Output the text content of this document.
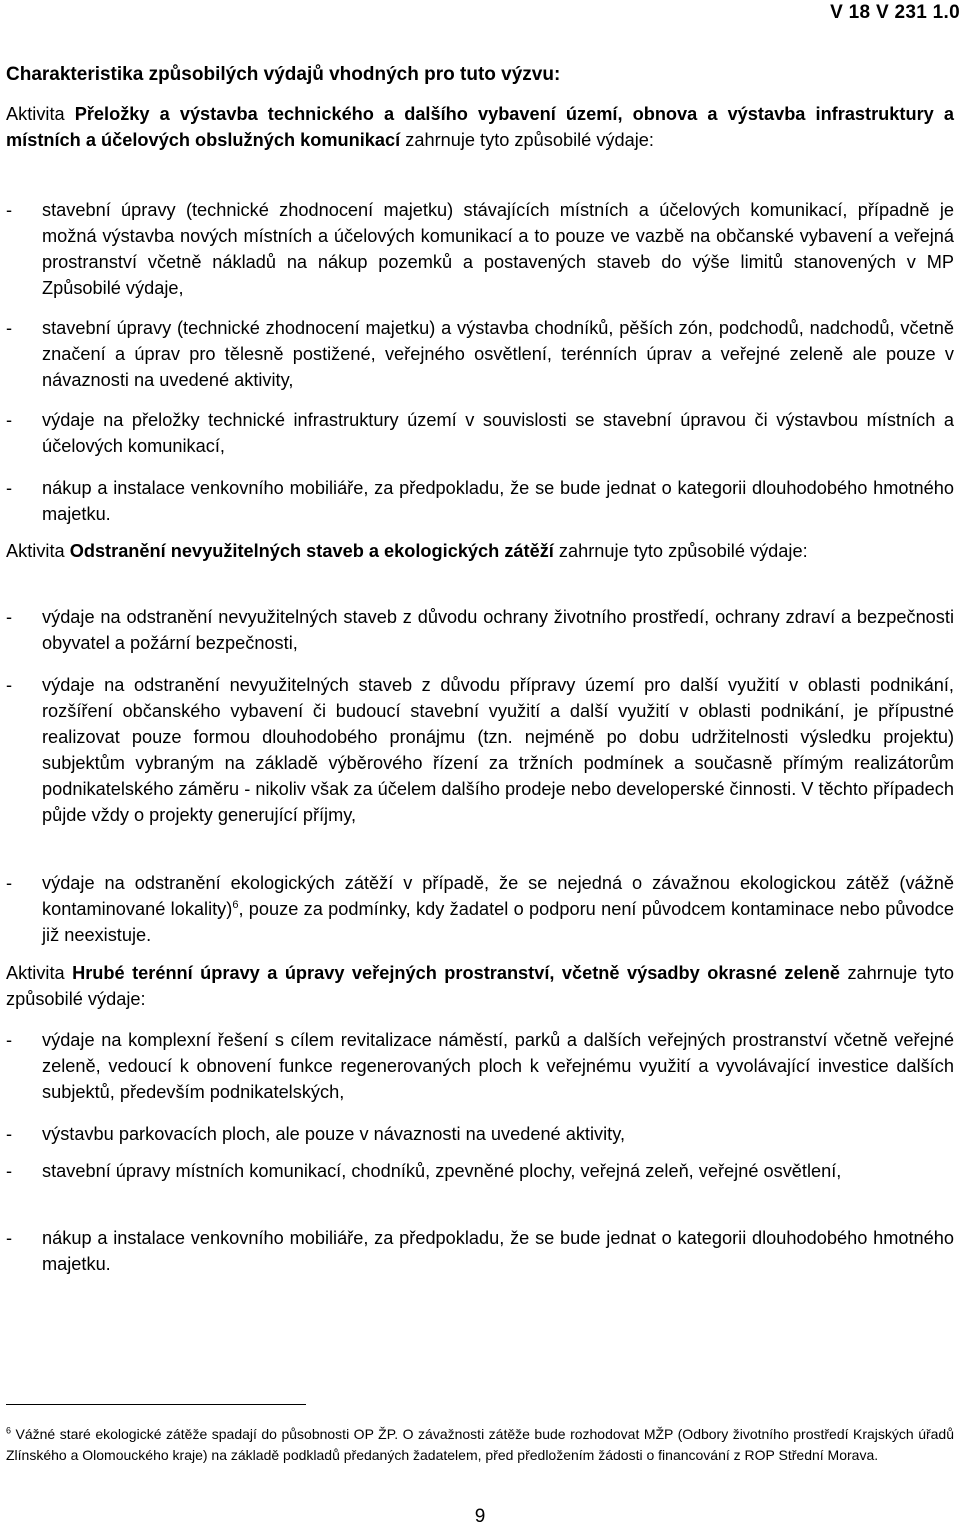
V 18 V 231 1.0
Charakteristika způsobilých výdajů vhodných pro tuto výzvu:

Aktivita Přeložky a výstavba technického a dalšího vybavení území, obnova a výstavba infrastruktury a místních a účelových obslužných komunikací zahrnuje tyto způsobilé výdaje:

- stavební úpravy (technické zhodnocení majetku) stávajících místních a účelových komunikací, případně je možná výstavba nových místních a účelových komunikací a to pouze ve vazbě na občanské vybavení a veřejná prostranství včetně nákladů na nákup pozemků a postavených staveb do výše limitů stanovených v MP Způsobilé výdaje,
- stavební úpravy (technické zhodnocení majetku) a výstavba chodníků, pěších zón, podchodů, nadchodů, včetně značení a úprav pro tělesně postižené, veřejného osvětlení, terénních úprav a veřejné zeleně ale pouze v návaznosti na uvedené aktivity,
- výdaje na přeložky technické infrastruktury území v souvislosti se stavební úpravou či výstavbou místních a účelových komunikací,
- nákup a instalace venkovního mobiliáře, za předpokladu, že se bude jednat o kategorii dlouhodobého hmotného majetku.

Aktivita Odstranění nevyužitelných staveb a ekologických zátěží zahrnuje tyto způsobilé výdaje:

- výdaje na odstranění nevyužitelných staveb z důvodu ochrany životního prostředí, ochrany zdraví a bezpečnosti obyvatel a požární bezpečnosti,
- výdaje na odstranění nevyužitelných staveb z důvodu přípravy území pro další využití v oblasti podnikání, rozšíření občanského vybavení či budoucí stavební využití a další využití v oblasti podnikání, je přípustné realizovat pouze formou dlouhodobého pronájmu (tzn. nejméně po dobu udržitelnosti výsledku projektu) subjektům vybraným na základě výběrového řízení za tržních podmínek a současně přímým realizátorům podnikatelského záměru - nikoliv však za účelem dalšího prodeje nebo developerské činnosti. V těchto případech půjde vždy o projekty generující příjmy,
- výdaje na odstranění ekologických zátěží v případě, že se nejedná o závažnou ekologickou zátěž (vážně kontaminované lokality)$^6$, pouze za podmínky, kdy žadatel o podporu není původcem kontaminace nebo původce již neexistuje.

Aktivita Hrubé terénní úpravy a úpravy veřejných prostranství, včetně výsadby okrasné zeleně zahrnuje tyto způsobilé výdaje:

- výdaje na komplexní řešení s cílem revitalizace náměstí, parků a dalších veřejných prostranství včetně veřejné zeleně, vedoucí k obnovení funkce regenerovaných ploch k veřejnému využití a vyvolávající investice dalších subjektů, především podnikatelských,
- výstavbu parkovacích ploch, ale pouze v návaznosti na uvedené aktivity,
- stavební úpravy místních komunikací, chodníků, zpevněné plochy, veřejná zeleň, veřejné osvětlení,
- nákup a instalace venkovního mobiliáře, za předpokladu, že se bude jednat o kategorii dlouhodobého hmotného majetku.
$^6$ Vážné staré ekologické zátěže spadají do působnosti OP ŽP. O závažnosti zátěže bude rozhodovat MŽP (Odbory životního prostředí Krajských úřadů Zlínského a Olomouckého kraje) na základě podkladů předaných žadatelem, před předložením žádosti o financování z ROP Střední Morava.
9
